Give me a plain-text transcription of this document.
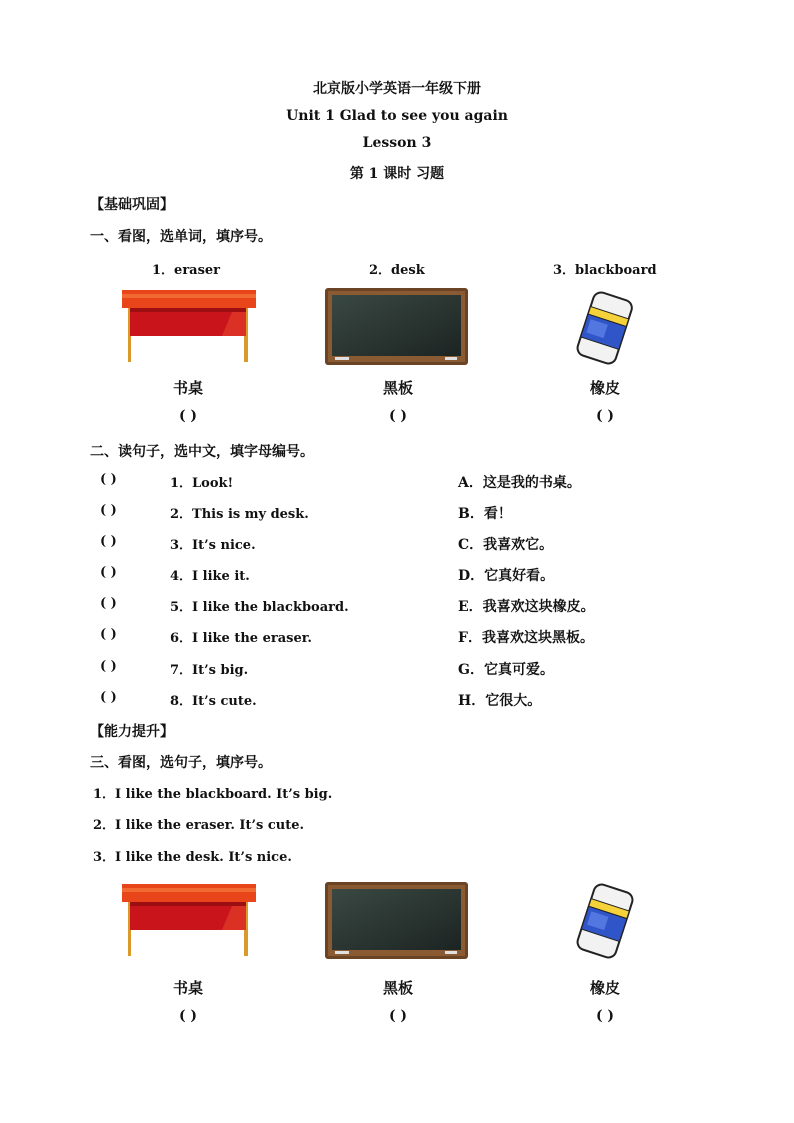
北京版小学英语一年级下册
Unit 1 Glad to see you again
Lesson 3
第 1 课时 习题
【基础巩固】
一、看图，选单词，填序号。
1．eraser	2．desk	3．blackboard
书桌	黑板	橡皮
( )	( )	( )
二、读句子，选中文，填字母编号。
( )	1．Look!	A．这是我的书桌。
( )	2．This is my desk.	B．看！
( )	3．It’s nice.	C．我喜欢它。
( )	4．I like it.	D．它真好看。
( )	5．I like the blackboard.	E．我喜欢这块橡皮。
( )	6．I like the eraser.	F．我喜欢这块黑板。
( )	7．It’s big.	G．它真可爱。
( )	8．It’s cute.	H．它很大。
【能力提升】
三、看图，选句子，填序号。
1．I like the blackboard. It’s big.
2．I like the eraser. It’s cute.
3．I like the desk. It’s nice.
书桌	黑板	橡皮
( )	( )	( )
